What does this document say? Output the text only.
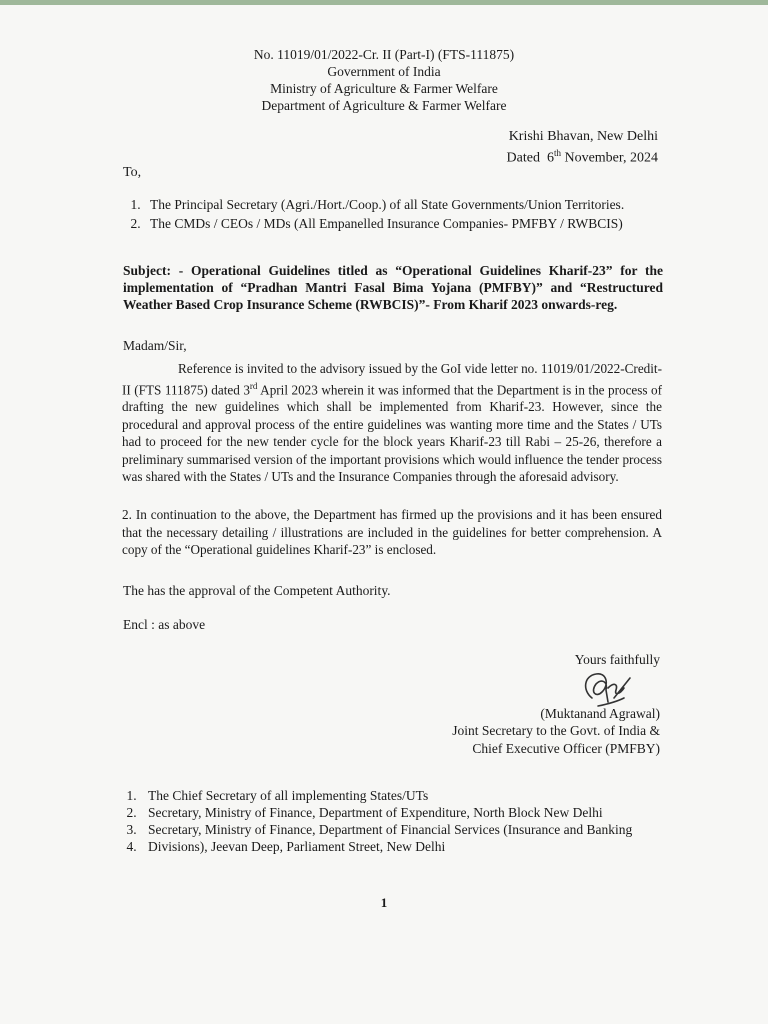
No. 11019/01/2022-Cr. II (Part-I) (FTS-111875)
Government of India
Ministry of Agriculture & Farmer Welfare
Department of Agriculture & Farmer Welfare
Krishi Bhavan, New Delhi
Dated 6th November, 2024
To,
1. The Principal Secretary (Agri./Hort./Coop.) of all State Governments/Union Territories.
2. The CMDs / CEOs / MDs (All Empanelled Insurance Companies- PMFBY / RWBCIS)
Subject: - Operational Guidelines titled as “Operational Guidelines Kharif-23” for the implementation of “Pradhan Mantri Fasal Bima Yojana (PMFBY)” and “Restructured Weather Based Crop Insurance Scheme (RWBCIS)”- From Kharif 2023 onwards-reg.
Madam/Sir,
Reference is invited to the advisory issued by the GoI vide letter no. 11019/01/2022-Credit-II (FTS 111875) dated 3rd April 2023 wherein it was informed that the Department is in the process of drafting the new guidelines which shall be implemented from Kharif-23. However, since the procedural and approval process of the entire guidelines was wanting more time and the States / UTs had to proceed for the new tender cycle for the block years Kharif-23 till Rabi – 25-26, therefore a preliminary summarised version of the important provisions which would influence the tender process was shared with the States / UTs and the Insurance Companies through the aforesaid advisory.
2. In continuation to the above, the Department has firmed up the provisions and it has been ensured that the necessary detailing / illustrations are included in the guidelines for better comprehension. A copy of the “Operational guidelines Kharif-23” is enclosed.
The has the approval of the Competent Authority.
Encl : as above
Yours faithfully
(Muktanand Agrawal)
Joint Secretary to the Govt. of India &
Chief Executive Officer (PMFBY)
1. The Chief Secretary of all implementing States/UTs
2. Secretary, Ministry of Finance, Department of Expenditure, North Block New Delhi
3. Secretary, Ministry of Finance, Department of Financial Services (Insurance and Banking
4. Divisions), Jeevan Deep, Parliament Street, New Delhi
1
